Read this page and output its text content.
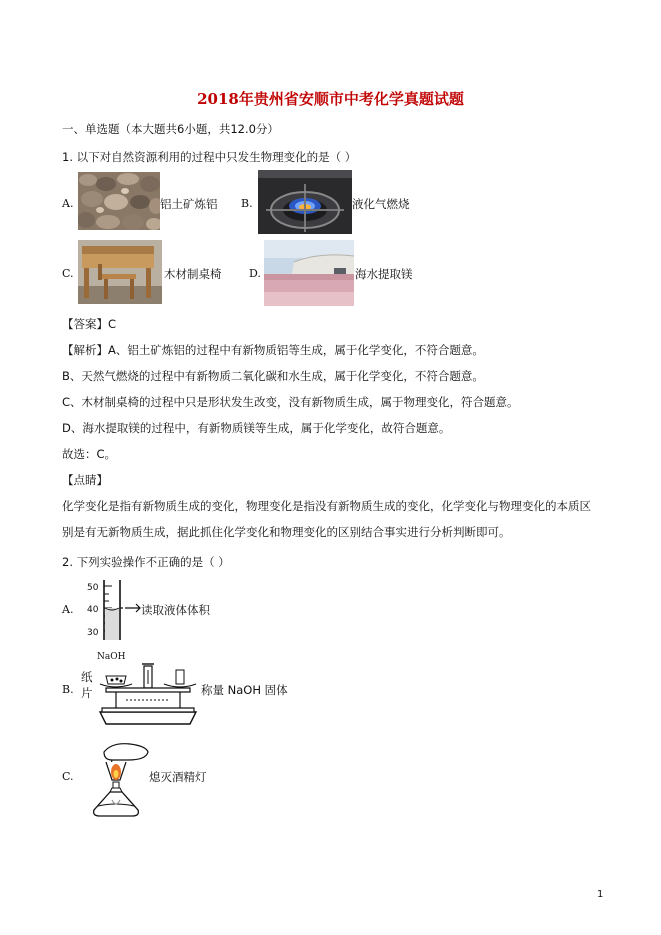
2018年贵州省安顺市中考化学真题试题
一、单选题（本大题共6小题，共12.0分）
1. 以下对自然资源利用的过程中只发生物理变化的是（ ）
A.	铝土矿炼铝 B.	液化气燃烧
C.	木材制桌椅	D.	海水提取镁
【答案】C
【解析】A、铝土矿炼铝的过程中有新物质铝等生成，属于化学变化，不符合题意。
B、天然气燃烧的过程中有新物质二氧化碳和水生成，属于化学变化，不符合题意。
C、木材制桌椅的过程中只是形状发生改变，没有新物质生成，属于物理变化，符合题意。
D、海水提取镁的过程中，有新物质镁等生成，属于化学变化，故符合题意。
故选：C。
【点睛】
化学变化是指有新物质生成的变化，物理变化是指没有新物质生成的变化，化学变化与物理变化的本质区别是有无新物质生成，据此抓住化学变化和物理变化的区别结合事实进行分析判断即可。
2. 下列实验操作不正确的是（ ）
A.
50
40
30
读取液体体积
B.
NaOH
纸
片	称量 NaOH 固体
C.	熄灭酒精灯
1
